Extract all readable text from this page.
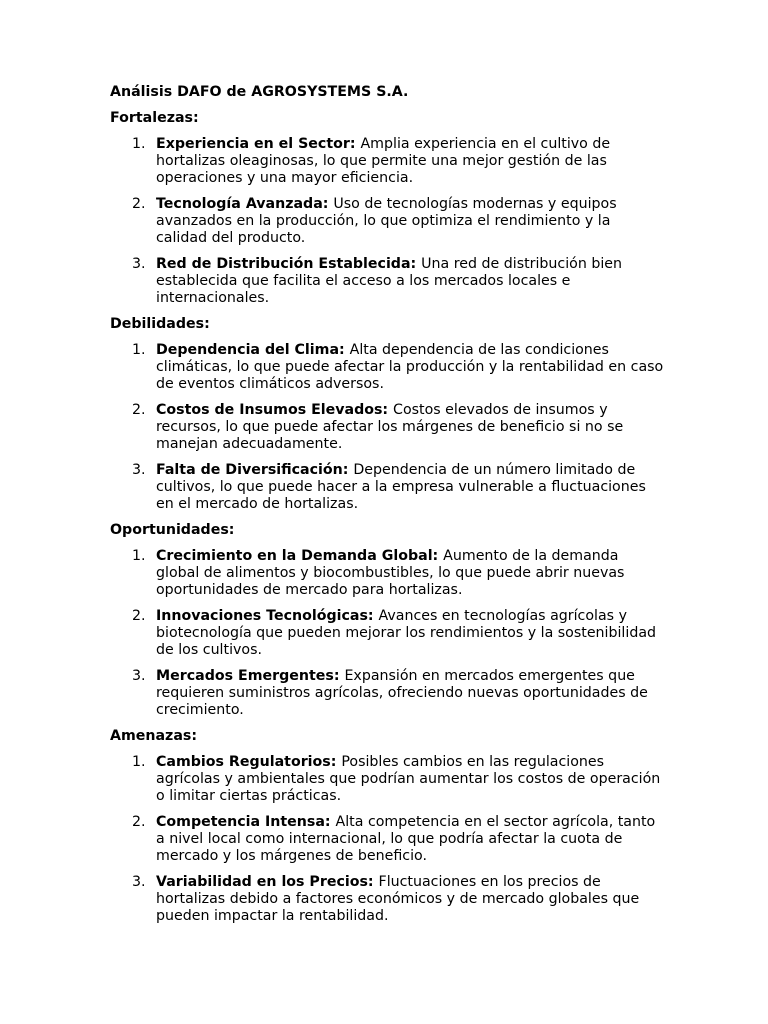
Análisis DAFO de AGROSYSTEMS S.A.
Fortalezas:
1. Experiencia en el Sector: Amplia experiencia en el cultivo de hortalizas oleaginosas, lo que permite una mejor gestión de las operaciones y una mayor eficiencia.
2. Tecnología Avanzada: Uso de tecnologías modernas y equipos avanzados en la producción, lo que optimiza el rendimiento y la calidad del producto.
3. Red de Distribución Establecida: Una red de distribución bien establecida que facilita el acceso a los mercados locales e internacionales.
Debilidades:
1. Dependencia del Clima: Alta dependencia de las condiciones climáticas, lo que puede afectar la producción y la rentabilidad en caso de eventos climáticos adversos.
2. Costos de Insumos Elevados: Costos elevados de insumos y recursos, lo que puede afectar los márgenes de beneficio si no se manejan adecuadamente.
3. Falta de Diversificación: Dependencia de un número limitado de cultivos, lo que puede hacer a la empresa vulnerable a fluctuaciones en el mercado de hortalizas.
Oportunidades:
1. Crecimiento en la Demanda Global: Aumento de la demanda global de alimentos y biocombustibles, lo que puede abrir nuevas oportunidades de mercado para hortalizas.
2. Innovaciones Tecnológicas: Avances en tecnologías agrícolas y biotecnología que pueden mejorar los rendimientos y la sostenibilidad de los cultivos.
3. Mercados Emergentes: Expansión en mercados emergentes que requieren suministros agrícolas, ofreciendo nuevas oportunidades de crecimiento.
Amenazas:
1. Cambios Regulatorios: Posibles cambios en las regulaciones agrícolas y ambientales que podrían aumentar los costos de operación o limitar ciertas prácticas.
2. Competencia Intensa: Alta competencia en el sector agrícola, tanto a nivel local como internacional, lo que podría afectar la cuota de mercado y los márgenes de beneficio.
3. Variabilidad en los Precios: Fluctuaciones en los precios de hortalizas debido a factores económicos y de mercado globales que pueden impactar la rentabilidad.
